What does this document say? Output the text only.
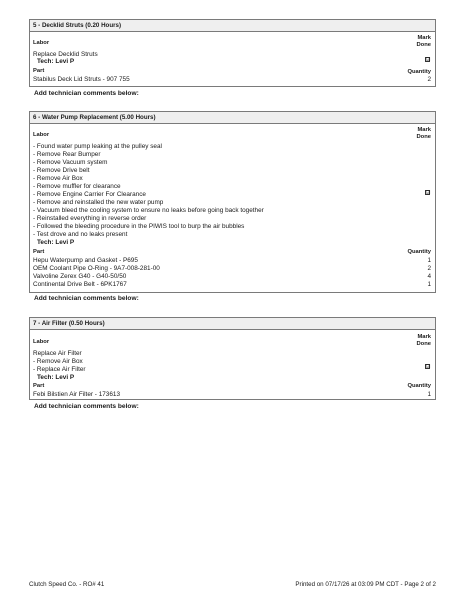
5 - Decklid Struts (0.20 Hours)
Labor
Mark
Done
Replace Decklid Struts
Tech: Levi P	☑
Part	Quantity
Stabilus Deck Lid Struts - 907 755	2
Add technician comments below:
6 - Water Pump Replacement (5.00 Hours)
Labor
Mark
Done
- Found water pump leaking at the pulley seal
- Remove Rear Bumper
- Remove Vacuum system
- Remove Drive belt
- Remove Air Box
- Remove muffler for clearance
- Remove Engine Carrier For Clearance
- Remove and reinstalled the new water pump
- Vacuum bleed the cooling system to ensure no leaks before going back together
- Reinstalled everything in reverse order
- Followed the bleeding procedure in the PIWIS tool to burp the air bubbles
- Test drove and no leaks present
Tech: Levi P
☑
Part	Quantity
Hepu Waterpump and Gasket - P695	1
OEM Coolant Pipe O-Ring - 9A7-008-281-00	2
Valvoline Zerex G40 - G40-50/50	4
Continental Drive Belt - 6PK1767	1
Add technician comments below:
7 - Air Filter (0.50 Hours)
Labor
Mark
Done
Replace Air Filter
- Remove Air Box
- Replace Air Filter
Tech: Levi P
☑
Part	Quantity
Febi Bilstien Air Filter - 173613	1
Add technician comments below:
Clutch Speed Co. - RO# 41	Printed on 07/17/26 at 03:09 PM CDT - Page 2 of 2
